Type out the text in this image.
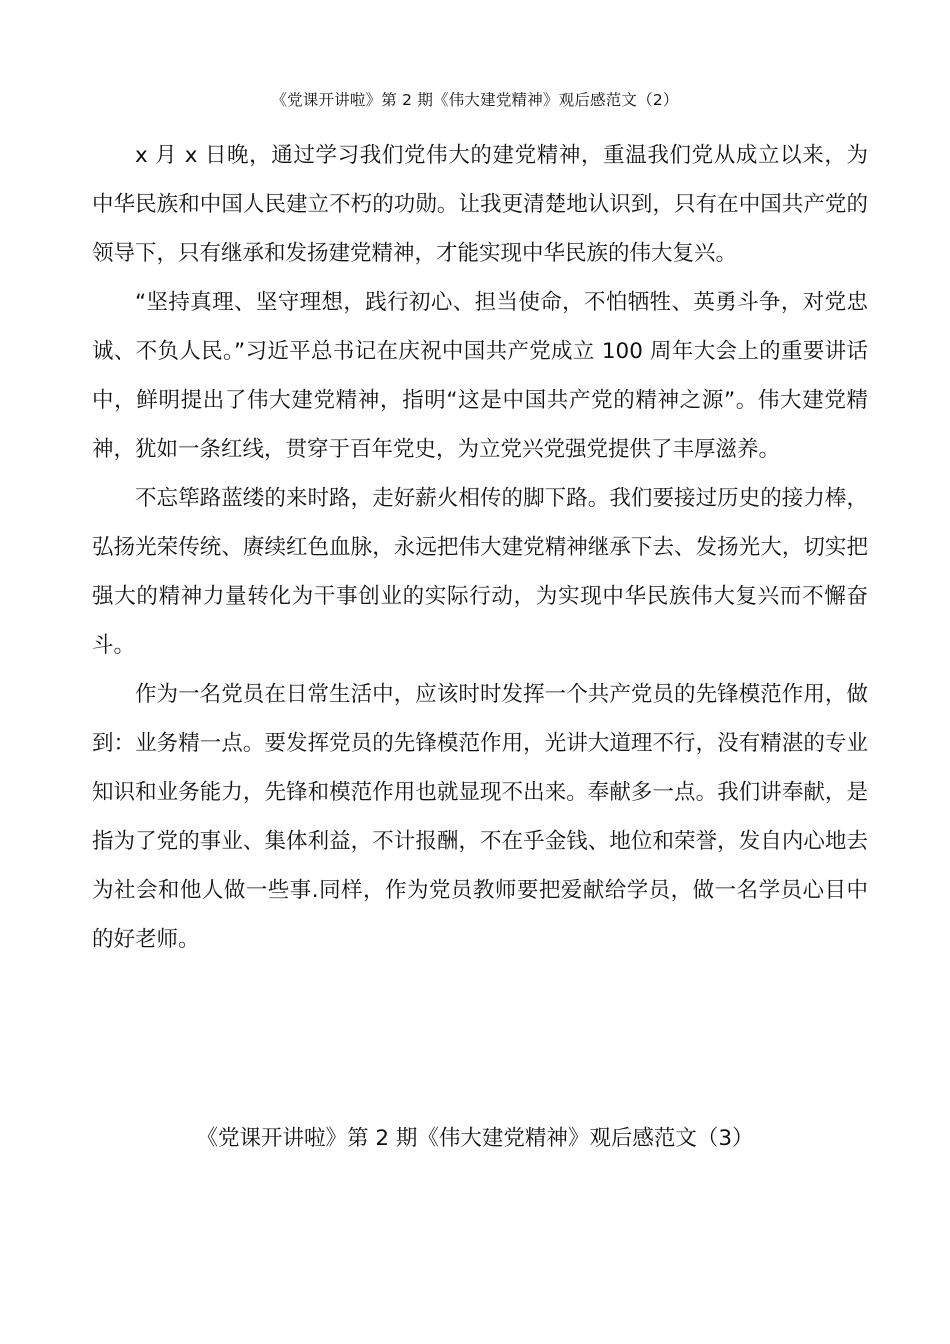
《党课开讲啦》第 2 期《伟大建党精神》观后感范文（2）

x 月 x 日晚，通过学习我们党伟大的建党精神，重温我们党从成立以来，为中华民族和中国人民建立不朽的功勋。让我更清楚地认识到，只有在中国共产党的领导下，只有继承和发扬建党精神，才能实现中华民族的伟大复兴。

“坚持真理、坚守理想，践行初心、担当使命，不怕牺牲、英勇斗争，对党忠诚、不负人民。”习近平总书记在庆祝中国共产党成立 100 周年大会上的重要讲话中，鲜明提出了伟大建党精神，指明“这是中国共产党的精神之源”。伟大建党精神，犹如一条红线，贯穿于百年党史，为立党兴党强党提供了丰厚滋养。

不忘筚路蓝缕的来时路，走好薪火相传的脚下路。我们要接过历史的接力棒，弘扬光荣传统、赓续红色血脉，永远把伟大建党精神继承下去、发扬光大，切实把强大的精神力量转化为干事创业的实际行动，为实现中华民族伟大复兴而不懈奋斗。

作为一名党员在日常生活中，应该时时发挥一个共产党员的先锋模范作用，做到：业务精一点。要发挥党员的先锋模范作用，光讲大道理不行，没有精湛的专业知识和业务能力，先锋和模范作用也就显现不出来。奉献多一点。我们讲奉献，是指为了党的事业、集体利益，不计报酬，不在乎金钱、地位和荣誉，发自内心地去为社会和他人做一些事.同样，作为党员教师要把爱献给学员，做一名学员心目中的好老师。

《党课开讲啦》第 2 期《伟大建党精神》观后感范文（3）
